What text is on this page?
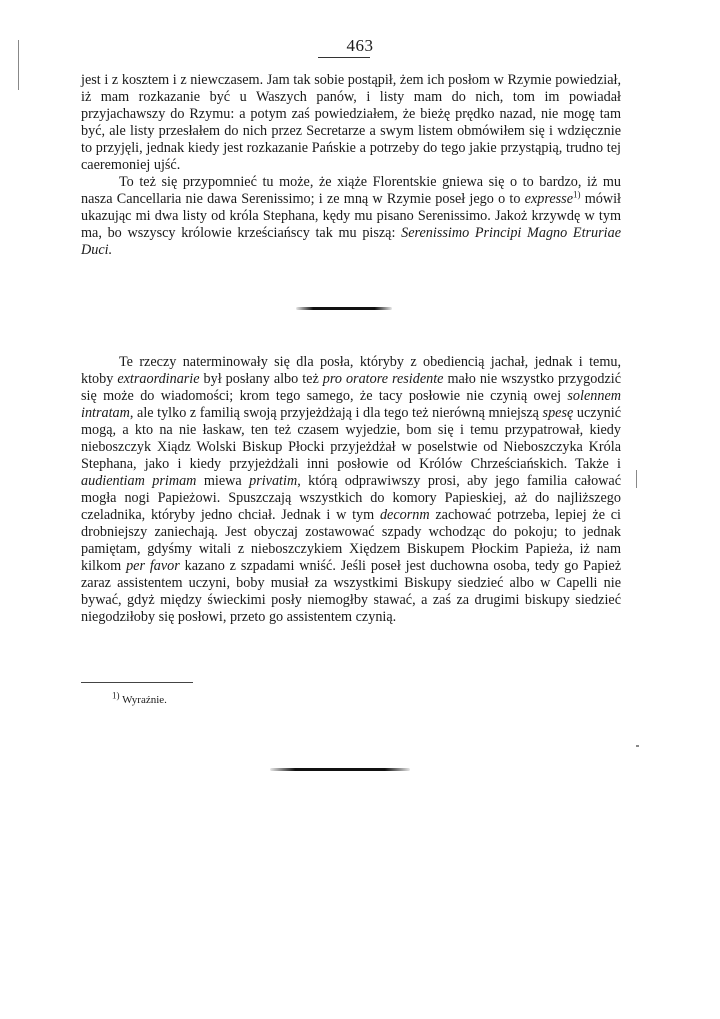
463

jest i z kosztem i z niewczasem. Jam tak sobie postąpił, żem ich posłom w Rzymie powiedział, iż mam rozkazanie być u Waszych panów, i listy mam do nich, tom im powiadał przyjachawszy do Rzymu: a potym zaś powiedziałem, że bieżę prędko nazad, nie mogę tam być, ale listy przesłałem do nich przez Secretarze a swym listem obmówiłem się i wdzięcznie to przyjęli, jednak kiedy jest rozkazanie Pańskie a potrzeby do tego jakie przystąpią, trudno tej caeremoniej ujść.

To też się przypomnieć tu może, że xiąże Florentskie gniewa się o to bardzo, iż mu nasza Cancellaria nie dawa Serenissimo; i ze mną w Rzymie poseł jego o to expresse$^{1)}$ mówił ukazując mi dwa listy od króla Stephana, kędy mu pisano Serenissimo. Jakoż krzywdę w tym ma, bo wszyscy królowie krześciańscy tak mu piszą: Serenissimo Principi Magno Etruriae Duci.

Te rzeczy naterminowały się dla posła, któryby z obediencią jachał, jednak i temu, ktoby extraordinarie był posłany albo też pro oratore residente mało nie wszystko przygodzić się może do wiadomości; krom tego samego, że tacy posłowie nie czynią owej solennem intratam, ale tylko z familią swoją przyjeżdżają i dla tego też nierówną mniejszą spesę uczynić mogą, a kto na nie łaskaw, ten też czasem wyjedzie, bom się i temu przypatrował, kiedy nieboszczyk Xiądz Wolski Biskup Płocki przyjeżdżał w poselstwie od Nieboszczyka Króla Stephana, jako i kiedy przyjeżdżali inni posłowie od Królów Chrześciańskich. Także i audientiam primam miewa privatim, którą odprawiwszy prosi, aby jego familia całować mogła nogi Papieżowi. Spuszczają wszystkich do komory Papieskiej, aż do najliższego czeladnika, któryby jedno chciał. Jednak i w tym decornm zachować potrzeba, lepiej że ci drobniejszy zaniechają. Jest obyczaj zostawować szpady wchodząc do pokoju; to jednak pamiętam, gdyśmy witali z nieboszczykiem Xiędzem Biskupem Płockim Papieża, iż nam kilkom per favor kazano z szpadami wniść. Jeśli poseł jest duchowna osoba, tedy go Papież zaraz assistentem uczyni, boby musiał za wszystkimi Biskupy siedzieć albo w Capelli nie bywać, gdyż między świeckimi posły niemogłby stawać, a zaś za drugimi biskupy siedzieć niegodziłoby się posłowi, przeto go assistentem czynią.

$^{1)}$ Wyraźnie.
